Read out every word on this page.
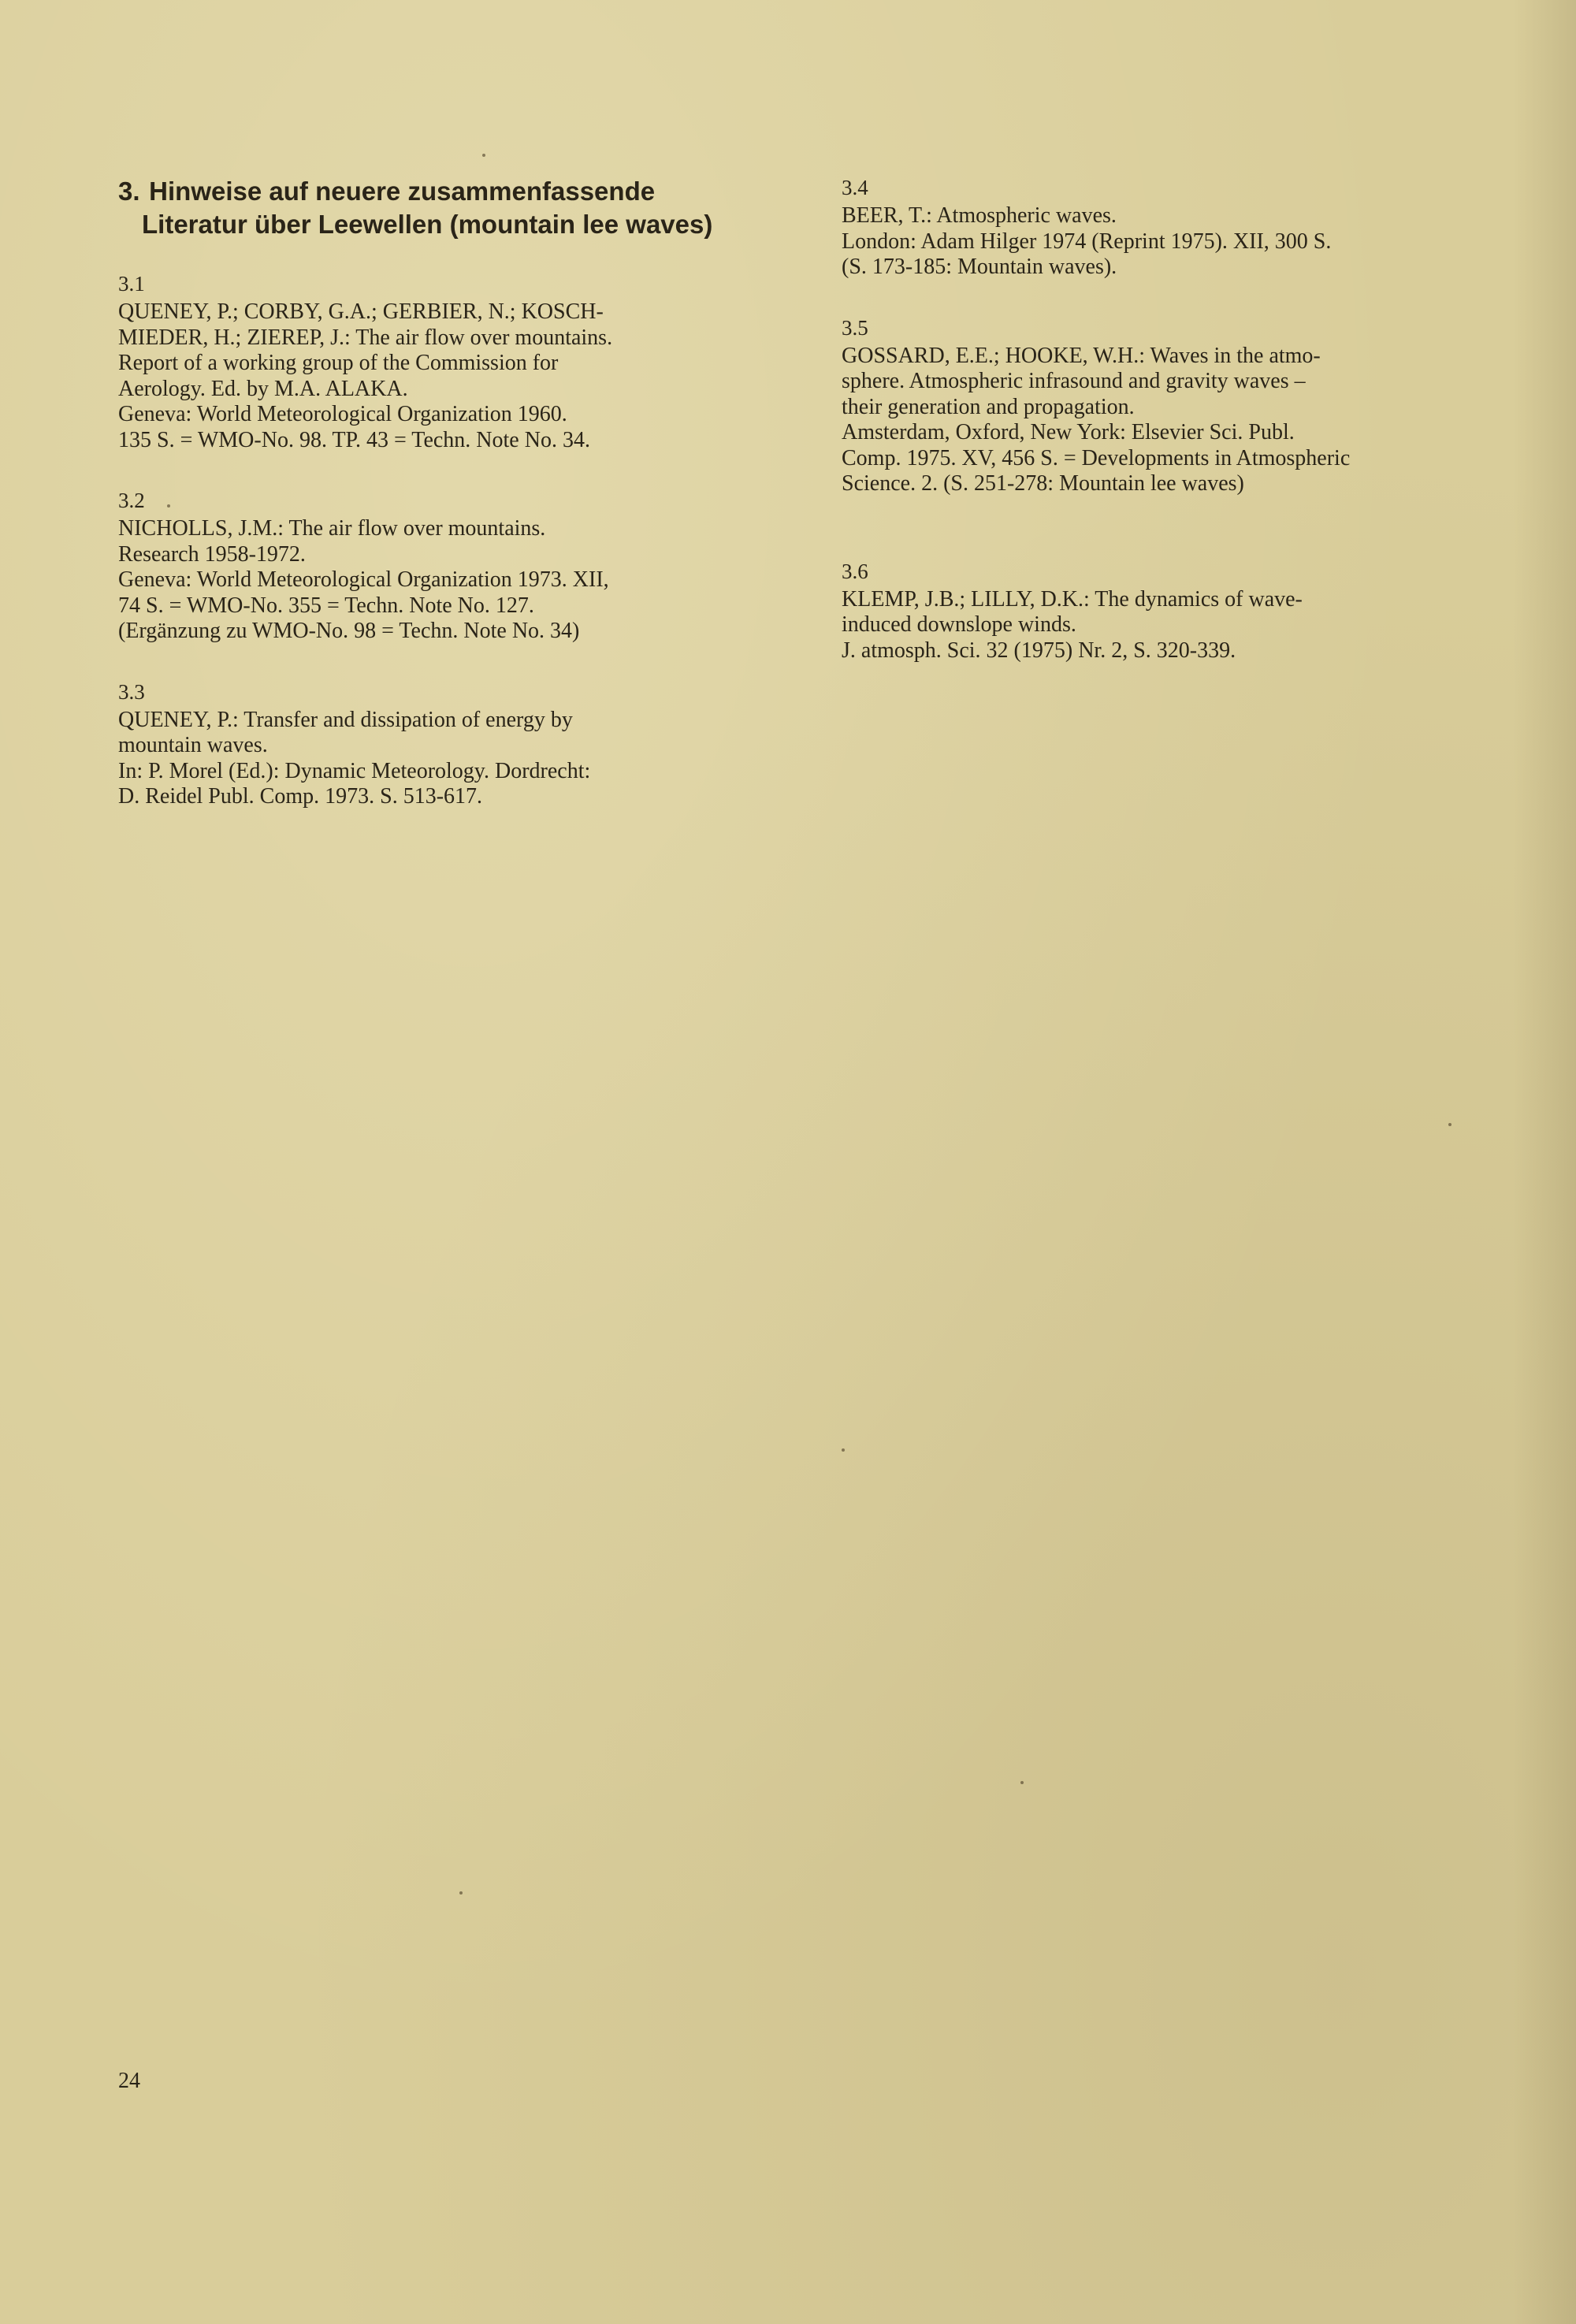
3. Hinweise auf neuere zusammenfassende
Literatur über Leewellen (mountain lee waves)
3.1
QUENEY, P.; CORBY, G.A.; GERBIER, N.; KOSCH-
MIEDER, H.; ZIEREP, J.: The air flow over mountains.
Report of a working group of the Commission for
Aerology. Ed. by M.A. ALAKA.
Geneva: World Meteorological Organization 1960.
135 S. = WMO-No. 98. TP. 43 = Techn. Note No. 34.
3.2
NICHOLLS, J.M.: The air flow over mountains.
Research 1958-1972.
Geneva: World Meteorological Organization 1973. XII,
74 S. = WMO-No. 355 = Techn. Note No. 127.
(Ergänzung zu WMO-No. 98 = Techn. Note No. 34)
3.3
QUENEY, P.: Transfer and dissipation of energy by
mountain waves.
In: P. Morel (Ed.): Dynamic Meteorology. Dordrecht:
D. Reidel Publ. Comp. 1973. S. 513-617.
3.4
BEER, T.: Atmospheric waves.
London: Adam Hilger 1974 (Reprint 1975). XII, 300 S.
(S. 173-185: Mountain waves).
3.5
GOSSARD, E.E.; HOOKE, W.H.: Waves in the atmo-
sphere. Atmospheric infrasound and gravity waves –
their generation and propagation.
Amsterdam, Oxford, New York: Elsevier Sci. Publ.
Comp. 1975. XV, 456 S. = Developments in Atmospheric
Science. 2. (S. 251-278: Mountain lee waves)
3.6
KLEMP, J.B.; LILLY, D.K.: The dynamics of wave-
induced downslope winds.
J. atmosph. Sci. 32 (1975) Nr. 2, S. 320-339.
24
